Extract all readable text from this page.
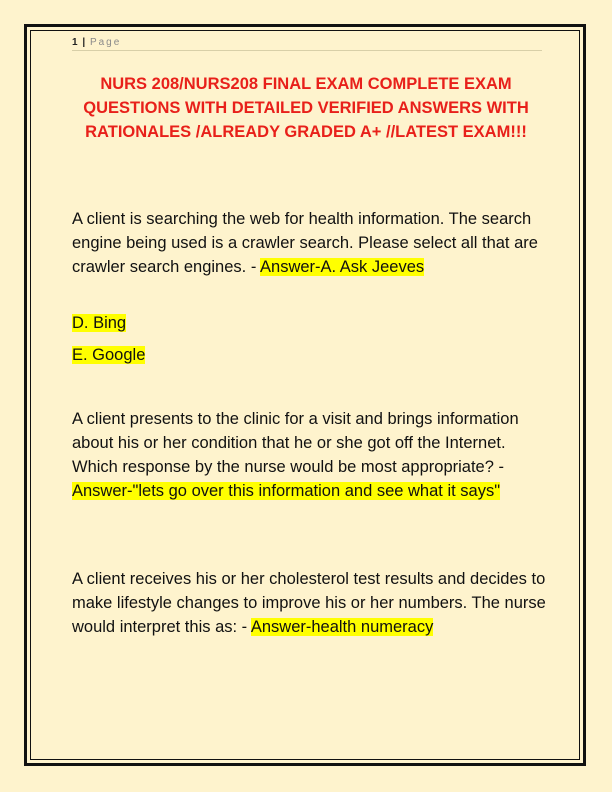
1 | Page
NURS 208/NURS208 FINAL EXAM COMPLETE EXAM QUESTIONS WITH DETAILED VERIFIED ANSWERS WITH RATIONALES /ALREADY GRADED A+ //LATEST EXAM!!!

A client is searching the web for health information. The search engine being used is a crawler search. Please select all that are crawler search engines. - Answer-A. Ask Jeeves

D. Bing
E. Google

A client presents to the clinic for a visit and brings information about his or her condition that he or she got off the Internet. Which response by the nurse would be most appropriate? - Answer-"lets go over this information and see what it says"

A client receives his or her cholesterol test results and decides to make lifestyle changes to improve his or her numbers. The nurse would interpret this as: - Answer-health numeracy
